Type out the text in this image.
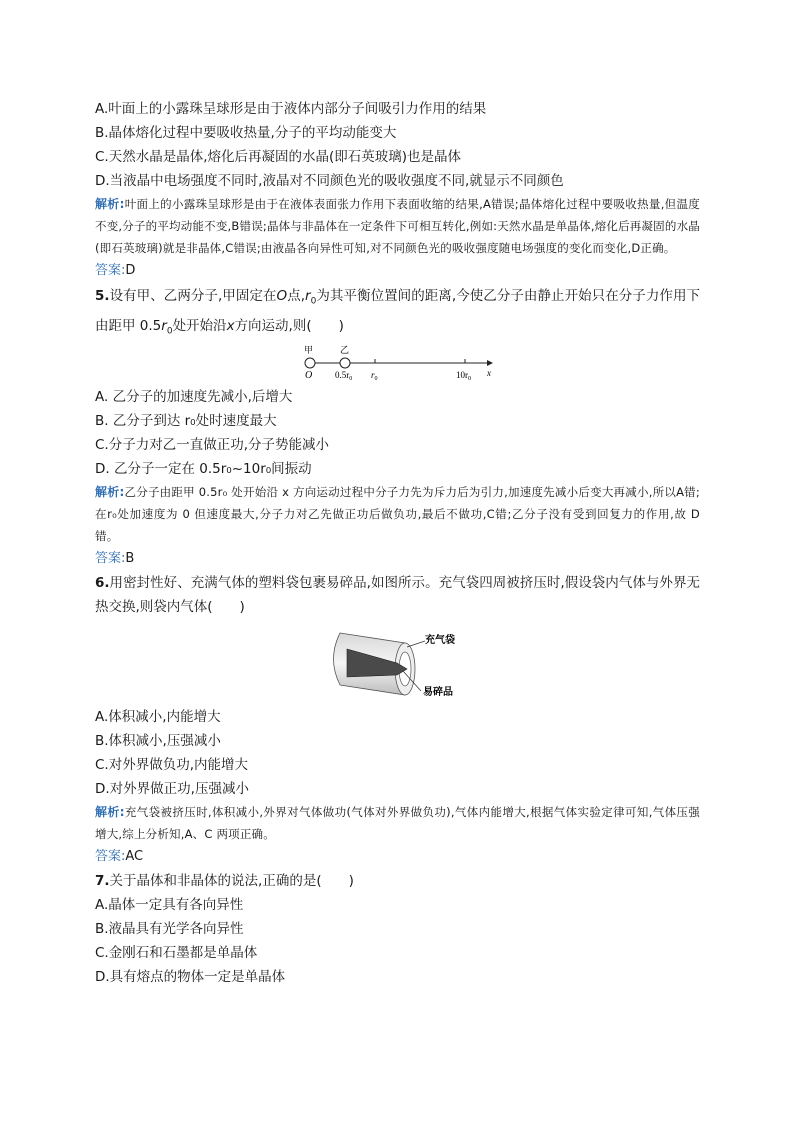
A.叶面上的小露珠呈球形是由于液体内部分子间吸引力作用的结果
B.晶体熔化过程中要吸收热量,分子的平均动能变大
C.天然水晶是晶体,熔化后再凝固的水晶(即石英玻璃)也是晶体
D.当液晶中电场强度不同时,液晶对不同颜色光的吸收强度不同,就显示不同颜色
解析:叶面上的小露珠呈球形是由于在液体表面张力作用下表面收缩的结果,A错误;晶体熔化过程中要吸收热量,但温度不变,分子的平均动能不变,B错误;晶体与非晶体在一定条件下可相互转化,例如:天然水晶是单晶体,熔化后再凝固的水晶(即石英玻璃)就是非晶体,C错误;由液晶各向异性可知,对不同颜色光的吸收强度随电场强度的变化而变化,D正确。
答案:D
5.设有甲、乙两分子,甲固定在O点$,r_0$为其平衡位置间的距离,今使乙分子由静止开始只在分子力作用下由距甲 $0.5r_0$处开始沿x方向运动,则(　　)
甲	乙
O	$0.5r_0$ $r_0$	$10r_0$
x
A. 乙分子的加速度先减小,后增大
B. 乙分子到达 r₀处时速度最大
C.分子力对乙一直做正功,分子势能减小
D. 乙分子一定在 0.5r₀~10r₀间振动
解析:乙分子由距甲 0.5r₀ 处开始沿 x 方向运动过程中分子力先为斥力后为引力,加速度先减小后变大再减小,所以A错;在r₀处加速度为 0 但速度最大,分子力对乙先做正功后做负功,最后不做功,C错;乙分子没有受到回复力的作用,故 D 错。
答案:B
6.用密封性好、充满气体的塑料袋包裹易碎品,如图所示。充气袋四周被挤压时,假设袋内气体与外界无热交换,则袋内气体(　　)
充气袋
易碎品
A.体积减小,内能增大
B.体积减小,压强减小
C.对外界做负功,内能增大
D.对外界做正功,压强减小
解析:充气袋被挤压时,体积减小,外界对气体做功(气体对外界做负功),气体内能增大,根据气体实验定律可知,气体压强增大,综上分析知,A、C 两项正确。
答案:AC
7.关于晶体和非晶体的说法,正确的是(　　)
A.晶体一定具有各向异性
B.液晶具有光学各向异性
C.金刚石和石墨都是单晶体
D.具有熔点的物体一定是单晶体
